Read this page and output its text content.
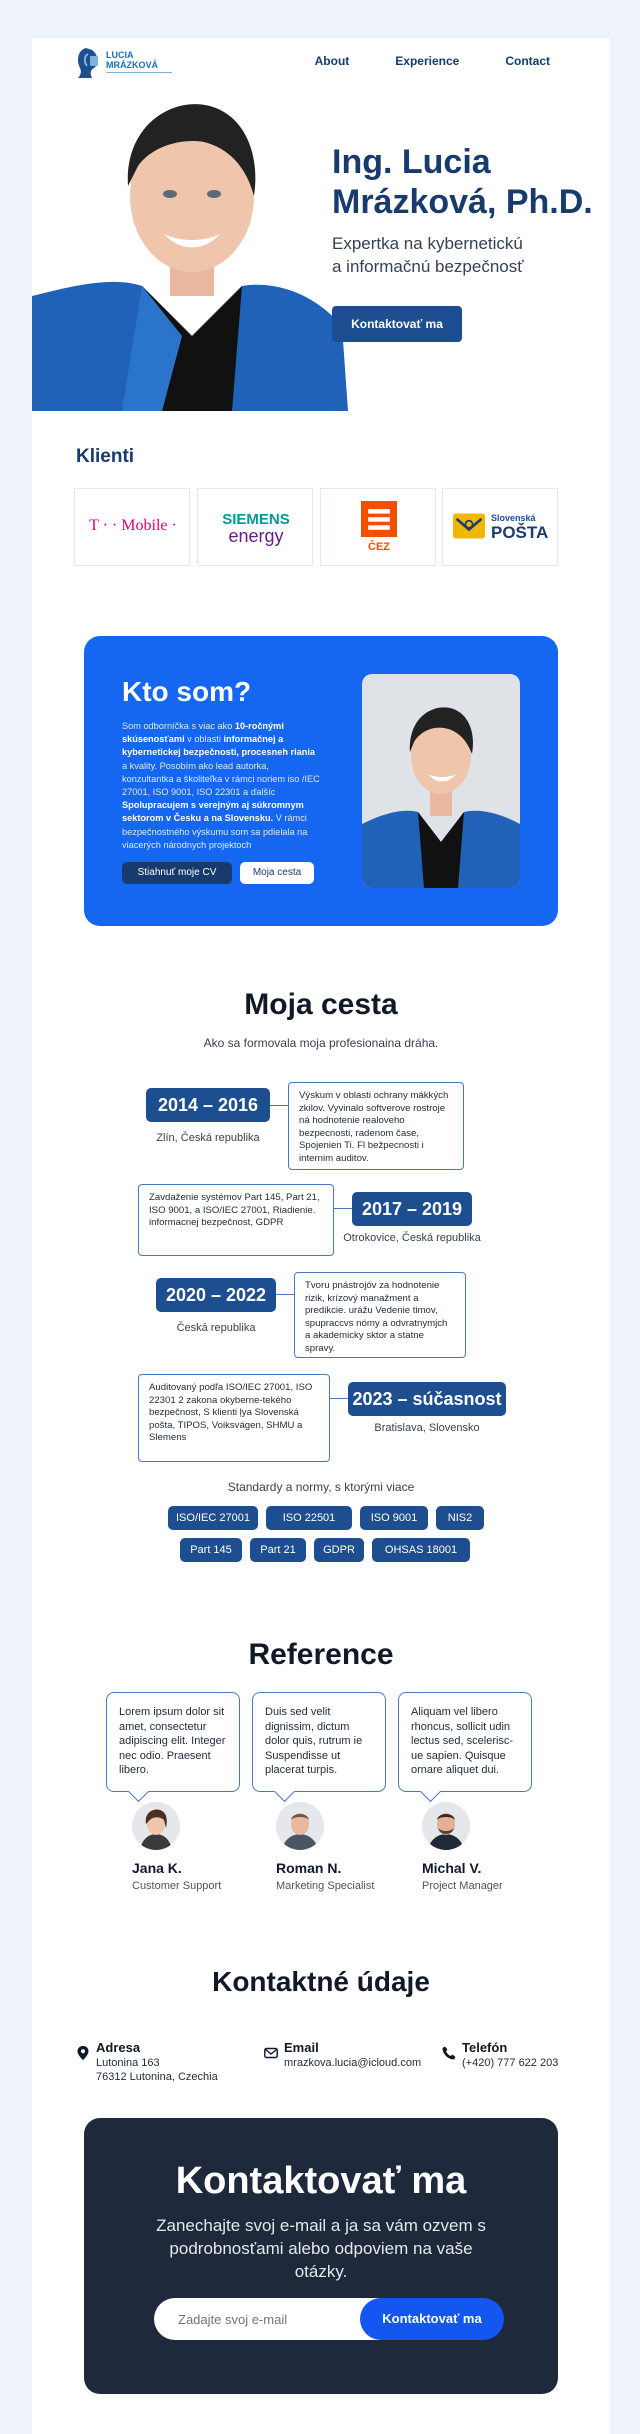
LUCIA
MRÁZKOVÁ	About	Experience	Contact
Ing. Lucia
Mrázková, Ph.D.
Expertka na kybernetickú
a informačnú bezpečnosť
Kontaktovať ma
Klienti
T · · Mobile ·	SIEMENS
energy
ČEZ
Slovenská
POŠTA
Kto som?
Som odborníčka s viac ako 10-ročnými skúsenosťami v oblasti informačnej a kybernetickej bezpečnosti, procesneh riania a kvality. Posobím ako lead autorka, konzultantka a školiteľka v rámci noriem iso /IEC 27001, ISO 9001, ISO 22301 a ďalšíc Spolupracujem s verejným aj súkromnym sektorom v Česku a na Slovensku. V rámci bezpečnostného výskumu som sa pdielala na viacerých národnych projektoch
Stiahnuť moje CV	Moja cesta
Moja cesta
Ako sa formovala moja profesionaina dráha.
2014 – 2016
Zlín, Česká republika
Výskum v oblasti ochrany mákkých zkilov. Vyvinalo softverove rostroje ná hodnotenie realoveho bezpecnosti, radenom čase, Spojenien Ti. Fl bežpecnosti i internim auditov.
Zavdaženie systémov Part 145, Part 21, ISO 9001, a ISO/IEC 27001, Riadienie. informacnej bezpečnost, GDPR
2017 – 2019
Otrokovice, Česká republika
2020 – 2022
Česká republika
Tvoru pnástrojóv za hodnotenie rizik, krízový manažment a predikcie. urážu Vedenie timov, spupraccvs nómy a odvratnymjch a akademicky sktor a statne spravy.
Auditovaný podľa ISO/IEC 27001, ISO 22301 2 zakona okyberne-tekého bezpečnost, S klienti ļya Slovenská pošta, TIPOS, Voiksvágen, SHMU a Slemens
2023 – súčasnost
Bratislava, Slovensko
Standardy a normy, s ktorými viace
ISO/IEC 27001	ISO 22501	ISO 9001	NIS2
Part 145	Part 21	GDPR	OHSAS 18001
Reference
Lorem ipsum dolor sit amet, consectetur adipiscing elit. Integer nec odio. Praesent libero.
Duis sed velit dignissim, dictum dolor quis, rutrum ie Suspendisse ut placerat turpis.
Aliquam vel libero rhoncus, sollicit udin lectus sed, scelerisc-ue sapien. Quisque ornare aliquet dui.
Jana K.
Customer Support
Roman N.
Marketing Specialist
Michal V.
Project Manager
Kontaktné údaje
Adresa
Lutonina 163
76312 Lutonina, Czechia
Email
mrazkova.lucia@icloud.com
Telefón
(+420) 777 622 203
Kontaktovať ma
Zanechajte svoj e-mail a ja sa vám ozvem s podrobnosťami alebo odpoviem na vaše otázky.
Zadajte svoj e-mail
Kontaktovať ma
